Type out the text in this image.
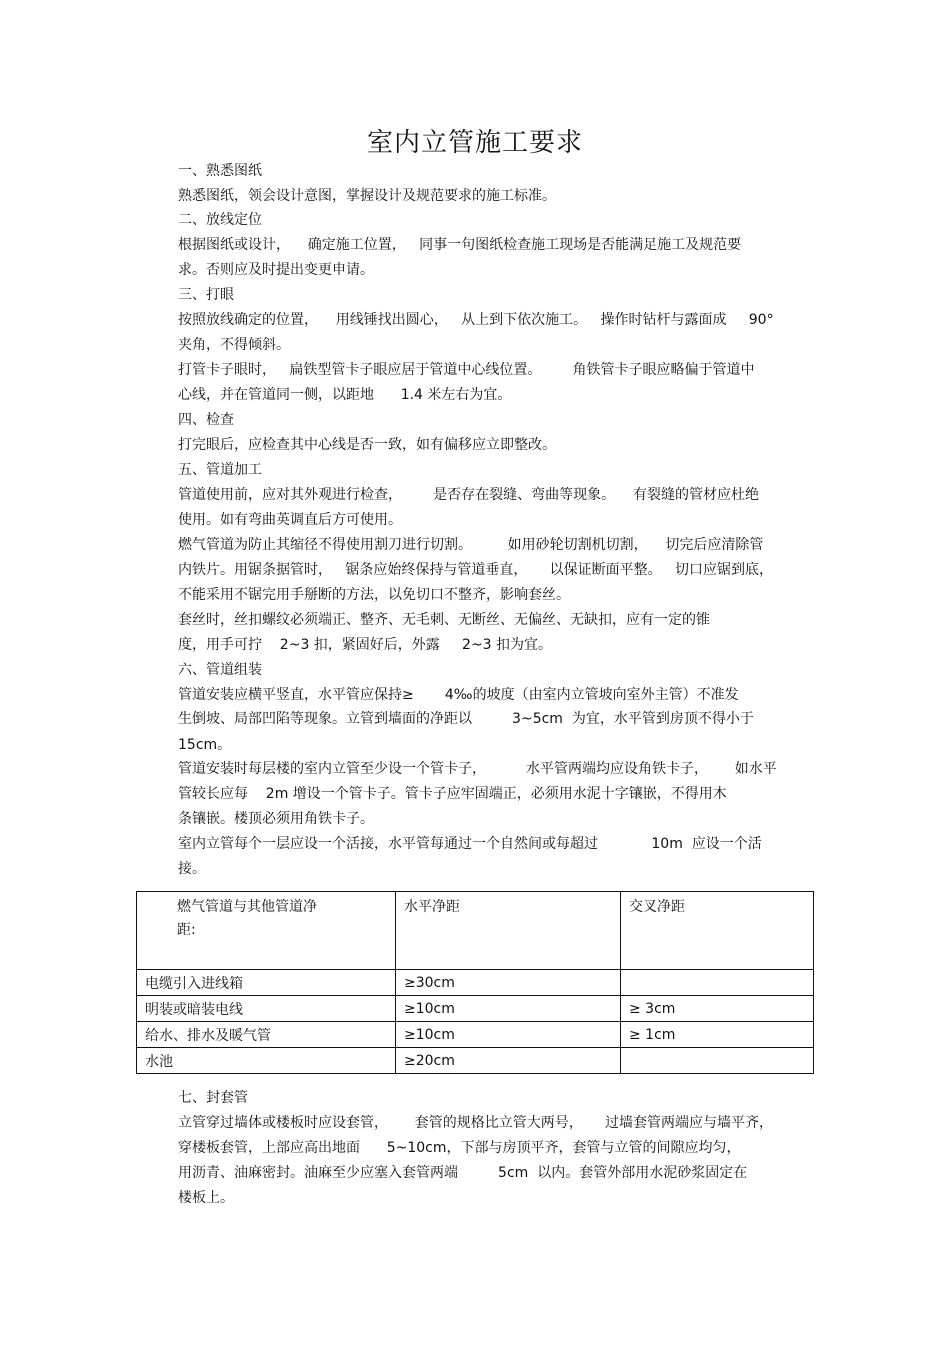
室内立管施工要求
一、熟悉图纸
熟悉图纸，领会设计意图，掌握设计及规范要求的施工标准。
二、放线定位
根据图纸或设计，    确定施工位置，   同事一句图纸检查施工现场是否能满足施工及规范要
求。否则应及时提出变更申请。
三、打眼
按照放线确定的位置，    用线锤找出圆心，   从上到下依次施工。   操作时钻杆与露面成     90°
夹角，不得倾斜。
打管卡子眼时，   扁铁型管卡子眼应居于管道中心线位置。       角铁管卡子眼应略偏于管道中
心线，并在管道同一侧，以距地      1.4 米左右为宜。
四、检查
打完眼后，应检查其中心线是否一致，如有偏移应立即整改。
五、管道加工
管道使用前，应对其外观进行检查，       是否存在裂缝、弯曲等现象。    有裂缝的管材应杜绝
使用。如有弯曲英调直后方可使用。
燃气管道为防止其缩径不得使用割刀进行切割。        如用砂轮切割机切割，    切完后应清除管
内铁片。用锯条据管时，   锯条应始终保持与管道垂直，     以保证断面平整。   切口应锯到底，
不能采用不锯完用手掰断的方法，以免切口不整齐，影响套丝。
套丝时，丝扣螺纹必须端正、整齐、无毛刺、无断丝、无偏丝、无缺扣，应有一定的锥
度，用手可拧    2~3 扣，紧固好后，外露     2~3 扣为宜。
六、管道组装
管道安装应横平竖直，水平管应保持≥       4‰的坡度（由室内立管坡向室外主管）不准发
生倒坡、局部凹陷等现象。立管到墙面的净距以         3~5cm  为宜，水平管到房顶不得小于
15cm。
管道安装时每层楼的室内立管至少设一个管卡子，         水平管两端均应设角铁卡子，      如水平
管较长应每    2m 增设一个管卡子。管卡子应牢固端正，必须用水泥十字镶嵌，不得用木
条镶嵌。楼顶必须用角铁卡子。
室内立管每个一层应设一个活接，水平管每通过一个自然间或每超过            10m  应设一个活
接。
七、封套管
立管穿过墙体或楼板时应设套管，      套管的规格比立管大两号，     过墙套管两端应与墙平齐，
穿楼板套管，上部应高出地面      5~10cm，下部与房顶平齐，套管与立管的间隙应均匀，
用沥青、油麻密封。油麻至少应塞入套管两端         5cm  以内。套管外部用水泥砂浆固定在
楼板上。
燃气管道与其他管道净
距:	水平净距	交叉净距
电缆引入进线箱	≥30cm	
明装或暗装电线	≥10cm	≥ 3cm
给水、排水及暖气管	≥10cm	≥ 1cm
水池	≥20cm	
